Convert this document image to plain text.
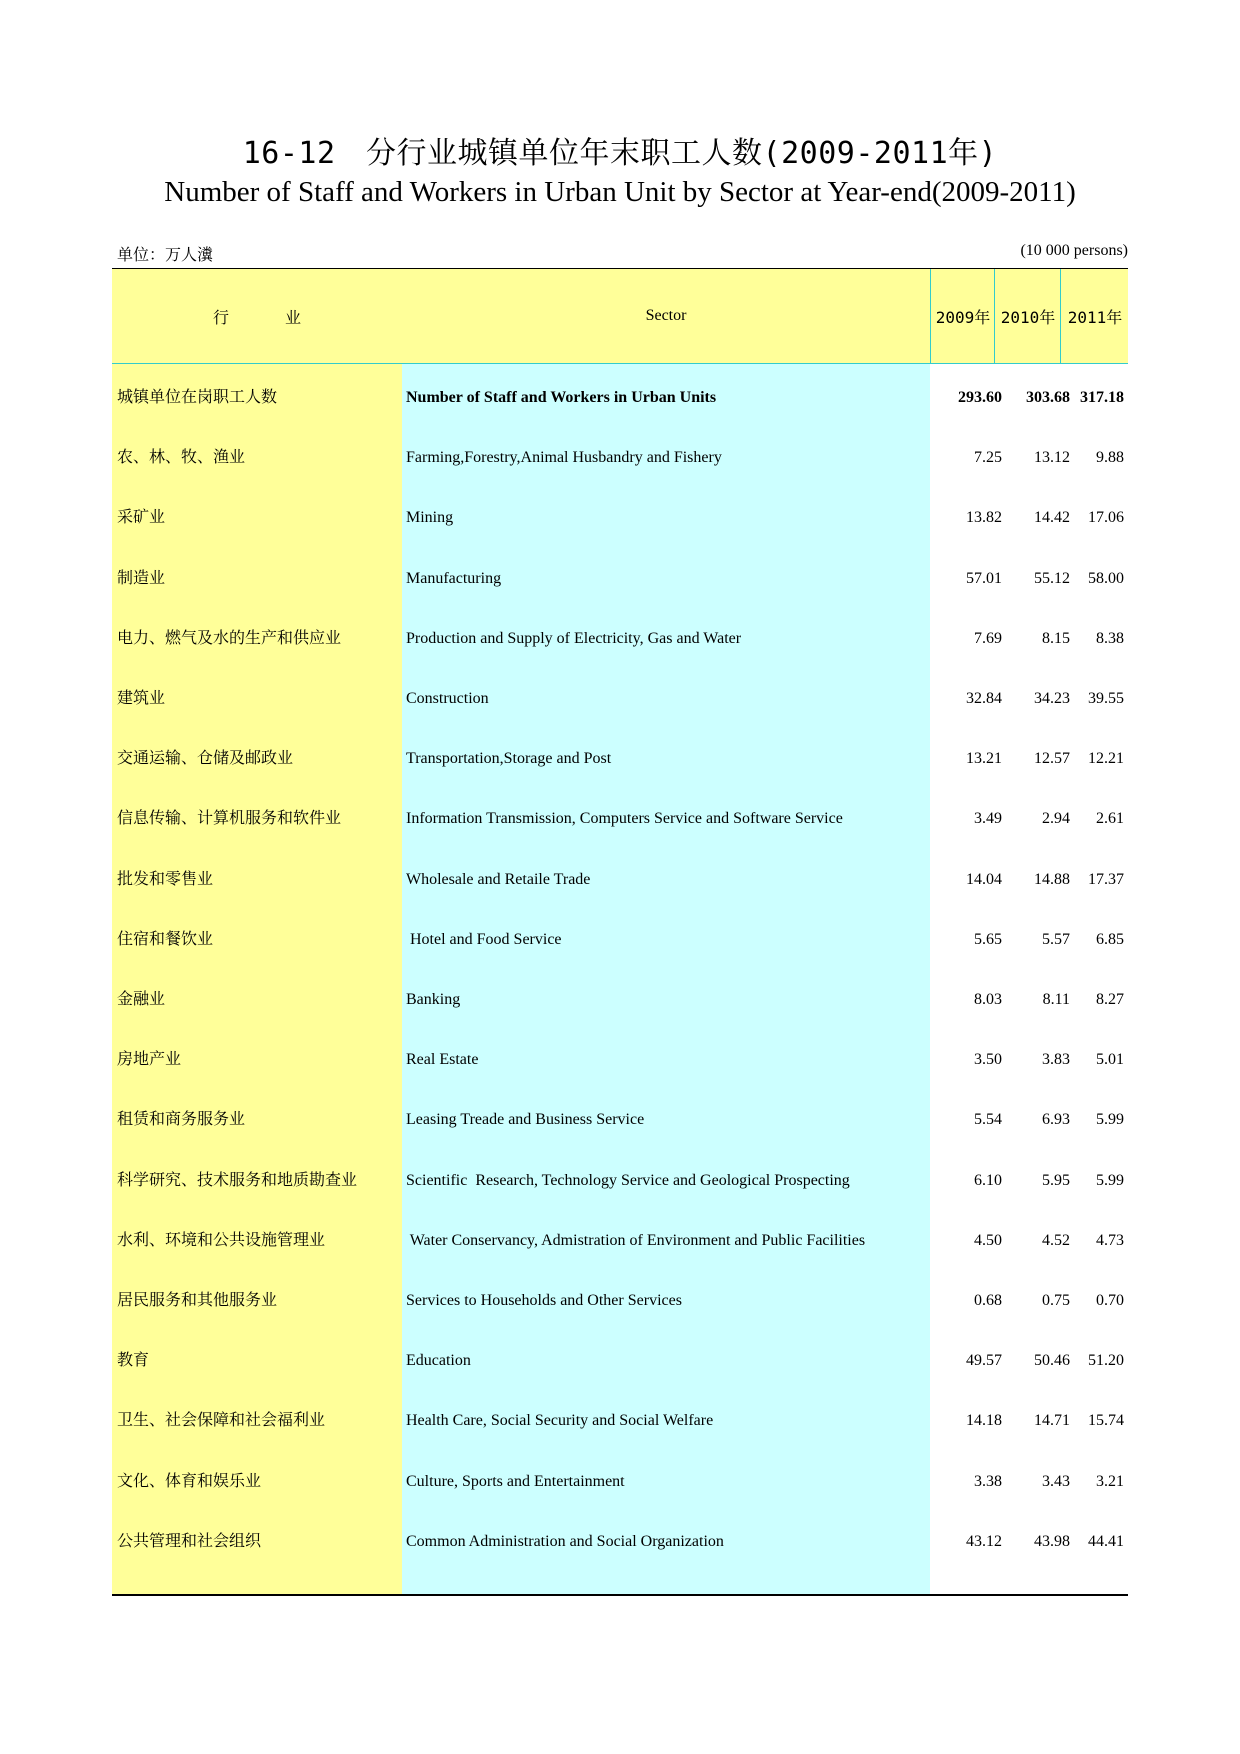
16-12　分行业城镇单位年末职工人数(2009-2011年)
Number of Staff and Workers in Urban Unit by Sector at Year-end(2009-2011)
单位：万人瀵	(10 000 persons)
行	业	Sector	2009年 2010年 2011年
城镇单位在岗职工人数	Number of Staff and Workers in Urban Units	293.60	303.68 317.18
农、林、牧、渔业	Farming,Forestry,Animal Husbandry and Fishery	7.25	13.12	9.88
采矿业	Mining	13.82	14.42	17.06
制造业	Manufacturing	57.01	55.12	58.00
电力、燃气及水的生产和供应业	Production and Supply of Electricity, Gas and Water	7.69	8.15	8.38
建筑业	Construction	32.84	34.23	39.55
交通运输、仓储及邮政业	Transportation,Storage and Post	13.21	12.57	12.21
信息传输、计算机服务和软件业	Information Transmission, Computers Service and Software Service	3.49	2.94	2.61
批发和零售业	Wholesale and Retaile Trade	14.04	14.88	17.37
住宿和餐饮业	Hotel and Food Service	5.65	5.57	6.85
金融业	Banking	8.03	8.11	8.27
房地产业	Real Estate	3.50	3.83	5.01
租赁和商务服务业	Leasing Treade and Business Service	5.54	6.93	5.99
科学研究、技术服务和地质勘查业	Scientific  Research, Technology Service and Geological Prospecting	6.10	5.95	5.99
水利、环境和公共设施管理业	Water Conservancy, Admistration of Environment and Public Facilities	4.50	4.52	4.73
居民服务和其他服务业	Services to Households and Other Services	0.68	0.75	0.70
教育	Education	49.57	50.46	51.20
卫生、社会保障和社会福利业	Health Care, Social Security and Social Welfare	14.18	14.71	15.74
文化、体育和娱乐业	Culture, Sports and Entertainment	3.38	3.43	3.21
公共管理和社会组织	Common Administration and Social Organization	43.12	43.98	44.41
